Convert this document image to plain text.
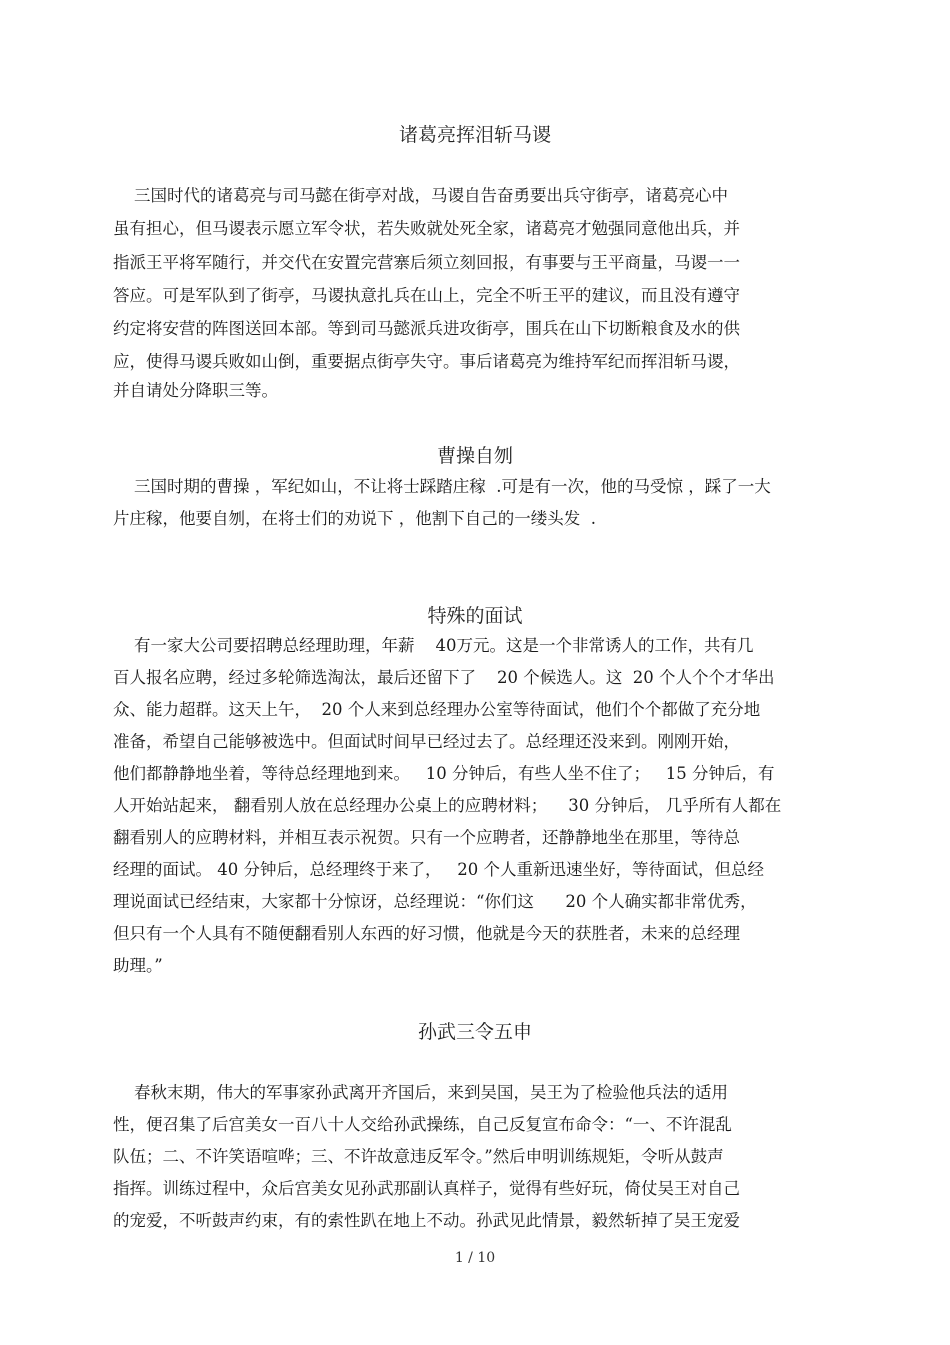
诸葛亮挥泪斩马谡
三国时代的诸葛亮与司马懿在街亭对战，马谡自告奋勇要出兵守街亭，诸葛亮心中
虽有担心，但马谡表示愿立军令状，若失败就处死全家，诸葛亮才勉强同意他出兵，并
指派王平将军随行，并交代在安置完营寨后须立刻回报，有事要与王平商量，马谡一一
答应。可是军队到了街亭，马谡执意扎兵在山上，完全不听王平的建议，而且没有遵守
约定将安营的阵图送回本部。等到司马懿派兵进攻街亭，围兵在山下切断粮食及水的供
应，使得马谡兵败如山倒，重要据点街亭失守。事后诸葛亮为维持军纪而挥泪斩马谡，
并自请处分降职三等。
曹操自刎
三国时期的曹操 ，军纪如山，不让将士踩踏庄稼  .可是有一次，他的马受惊 ，踩了一大
片庄稼，他要自刎，在将士们的劝说下 ，他割下自己的一缕头发  .
特殊的面试
有一家大公司要招聘总经理助理，年薪    40万元。这是一个非常诱人的工作，共有几
百人报名应聘，经过多轮筛选淘汰，最后还留下了    20 个候选人。这  20 个人个个才华出
众、能力超群。这天上午，  20 个人来到总经理办公室等待面试，他们个个都做了充分地
准备，希望自己能够被选中。但面试时间早已经过去了。总经理还没来到。刚刚开始，
他们都静静地坐着，等待总经理地到来。   10 分钟后，有些人坐不住了；   15 分钟后，有
人开始站起来， 翻看别人放在总经理办公桌上的应聘材料；    30 分钟后， 几乎所有人都在
翻看别人的应聘材料，并相互表示祝贺。只有一个应聘者，还静静地坐在那里，等待总
经理的面试。 40 分钟后，总经理终于来了，   20 个人重新迅速坐好，等待面试，但总经
理说面试已经结束，大家都十分惊讶，总经理说：“你们这      20 个人确实都非常优秀，
但只有一个人具有不随便翻看别人东西的好习惯，他就是今天的获胜者，未来的总经理
助理。”
孙武三令五申
春秋末期，伟大的军事家孙武离开齐国后，来到吴国，吴王为了检验他兵法的适用
性，便召集了后宫美女一百八十人交给孙武操练，自己反复宣布命令：“一、不许混乱
队伍；二、不许笑语喧哗；三、不许故意违反军令。”然后申明训练规矩，令听从鼓声
指挥。训练过程中，众后宫美女见孙武那副认真样子，觉得有些好玩，倚仗吴王对自己
的宠爱，不听鼓声约束，有的索性趴在地上不动。孙武见此情景，毅然斩掉了吴王宠爱
1 / 10
